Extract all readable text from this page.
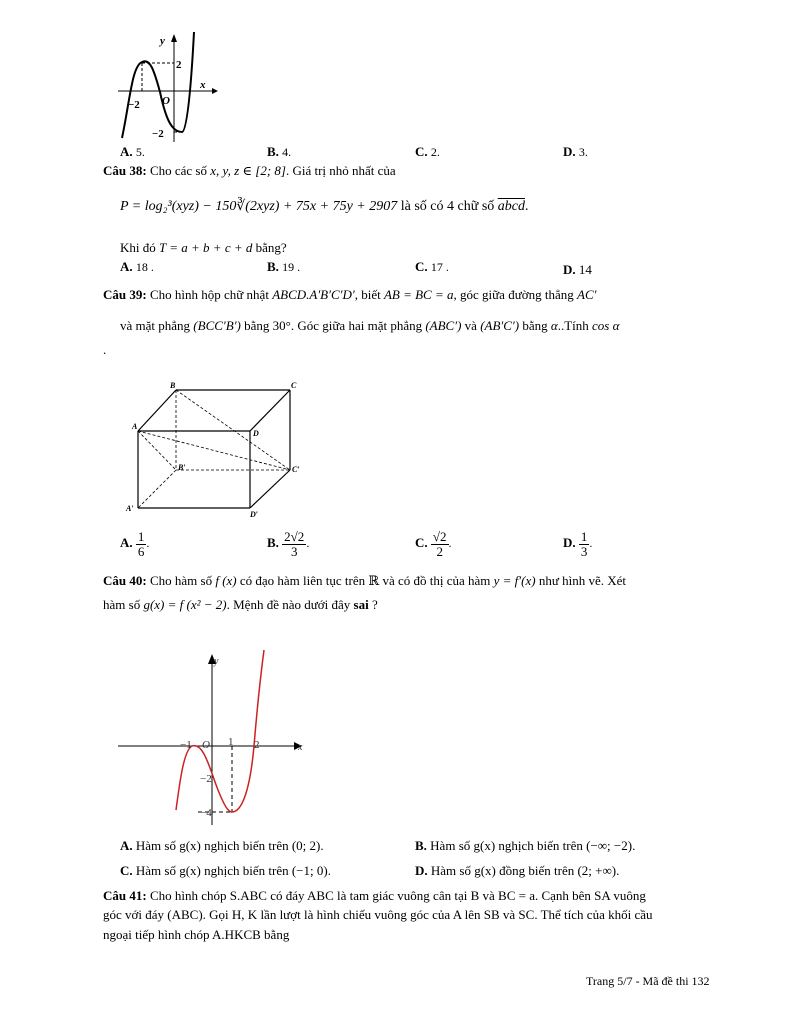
y
x
O
2
−2
−2
A. 5.	B. 4.	C. 2.	D. 3.
Câu 38: Cho các số x, y, z ∈ [2; 8]. Giá trị nhỏ nhất của
P = log₂³(xyz) − 150∛(2xyz) + 75x + 75y + 2907 là số có 4 chữ số abcd.
Khi đó T = a + b + c + d bằng?
A. 18 .	B. 19 .	C. 17 .	D. 14
Câu 39: Cho hình hộp chữ nhật ABCD.A′B′C′D′, biết AB = BC = a, góc giữa đường thẳng AC′
và mặt phẳng (BCC′B′) bằng 30°. Góc giữa hai mặt phẳng (ABC′) và (AB′C′) bằng α..Tính cos α
.
B	C
A
D
B′	C′
A′
D′
A. $\frac{1}{6}$ .	B. $\frac{2√2}{3}$ .	C. $\frac{√2}{2}$ .	D. $\frac{1}{3}$ .
Câu 40: Cho hàm số f (x) có đạo hàm liên tục trên ℝ và có đồ thị của hàm y = f′(x) như hình vẽ. Xét
hàm số g(x) = f (x² − 2). Mệnh đề nào dưới đây sai ?
y
x
−1 O 1 2
−2
−4
A. Hàm số g(x) nghịch biến trên (0; 2).	B. Hàm số g(x) nghịch biến trên (−∞; −2).
C. Hàm số g(x) nghịch biến trên (−1; 0).	D. Hàm số g(x) đồng biến trên (2; +∞).
Câu 41: Cho hình chóp S.ABC có đáy ABC là tam giác vuông cân tại B và BC = a. Cạnh bên SA vuông
góc với đáy (ABC). Gọi H, K lần lượt là hình chiếu vuông góc của A lên SB và SC. Thể tích của khối cầu
ngoại tiếp hình chóp A.HKCB bằng
Trang 5/7 - Mã đề thi 132
